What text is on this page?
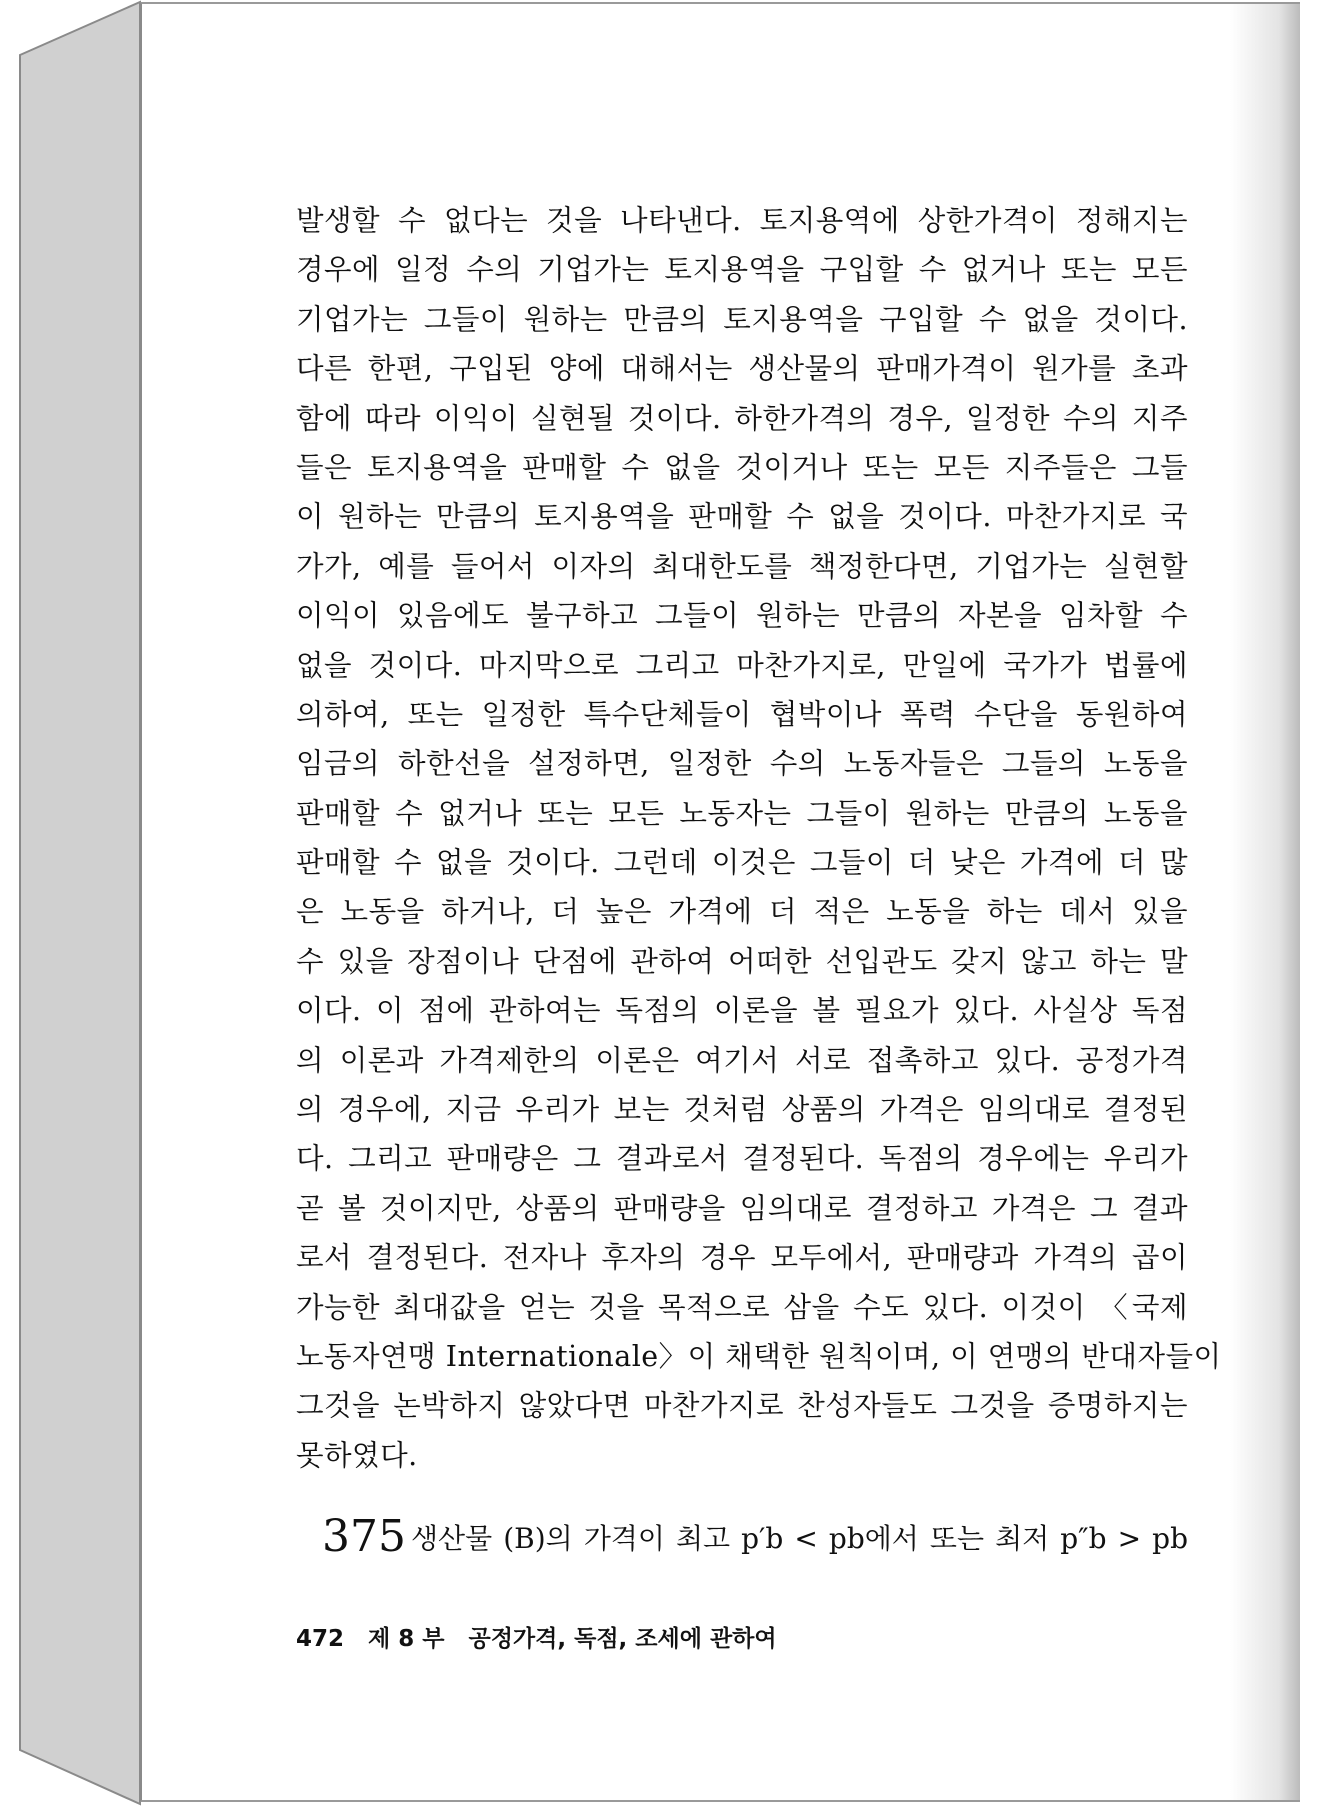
발생할 수 없다는 것을 나타낸다. 토지용역에 상한가격이 정해지는
경우에 일정 수의 기업가는 토지용역을 구입할 수 없거나 또는 모든
기업가는 그들이 원하는 만큼의 토지용역을 구입할 수 없을 것이다.
다른 한편, 구입된 양에 대해서는 생산물의 판매가격이 원가를 초과
함에 따라 이익이 실현될 것이다. 하한가격의 경우, 일정한 수의 지주
들은 토지용역을 판매할 수 없을 것이거나 또는 모든 지주들은 그들
이 원하는 만큼의 토지용역을 판매할 수 없을 것이다. 마찬가지로 국
가가, 예를 들어서 이자의 최대한도를 책정한다면, 기업가는 실현할
이익이 있음에도 불구하고 그들이 원하는 만큼의 자본을 임차할 수
없을 것이다. 마지막으로 그리고 마찬가지로, 만일에 국가가 법률에
의하여, 또는 일정한 특수단체들이 협박이나 폭력 수단을 동원하여
임금의 하한선을 설정하면, 일정한 수의 노동자들은 그들의 노동을
판매할 수 없거나 또는 모든 노동자는 그들이 원하는 만큼의 노동을
판매할 수 없을 것이다. 그런데 이것은 그들이 더 낮은 가격에 더 많
은 노동을 하거나, 더 높은 가격에 더 적은 노동을 하는 데서 있을
수 있을 장점이나 단점에 관하여 어떠한 선입관도 갖지 않고 하는 말
이다. 이 점에 관하여는 독점의 이론을 볼 필요가 있다. 사실상 독점
의 이론과 가격제한의 이론은 여기서 서로 접촉하고 있다. 공정가격
의 경우에, 지금 우리가 보는 것처럼 상품의 가격은 임의대로 결정된
다. 그리고 판매량은 그 결과로서 결정된다. 독점의 경우에는 우리가
곧 볼 것이지만, 상품의 판매량을 임의대로 결정하고 가격은 그 결과
로서 결정된다. 전자나 후자의 경우 모두에서, 판매량과 가격의 곱이
가능한 최대값을 얻는 것을 목적으로 삼을 수도 있다. 이것이 〈국제
노동자연맹 Internationale〉이 채택한 원칙이며, 이 연맹의 반대자들이
그것을 논박하지 않았다면 마찬가지로 찬성자들도 그것을 증명하지는
못하였다.
375 생산물 (B)의 가격이 최고 p′b < pb에서 또는 최저 p″b > pb
472 제 8 부 공정가격, 독점, 조세에 관하여
